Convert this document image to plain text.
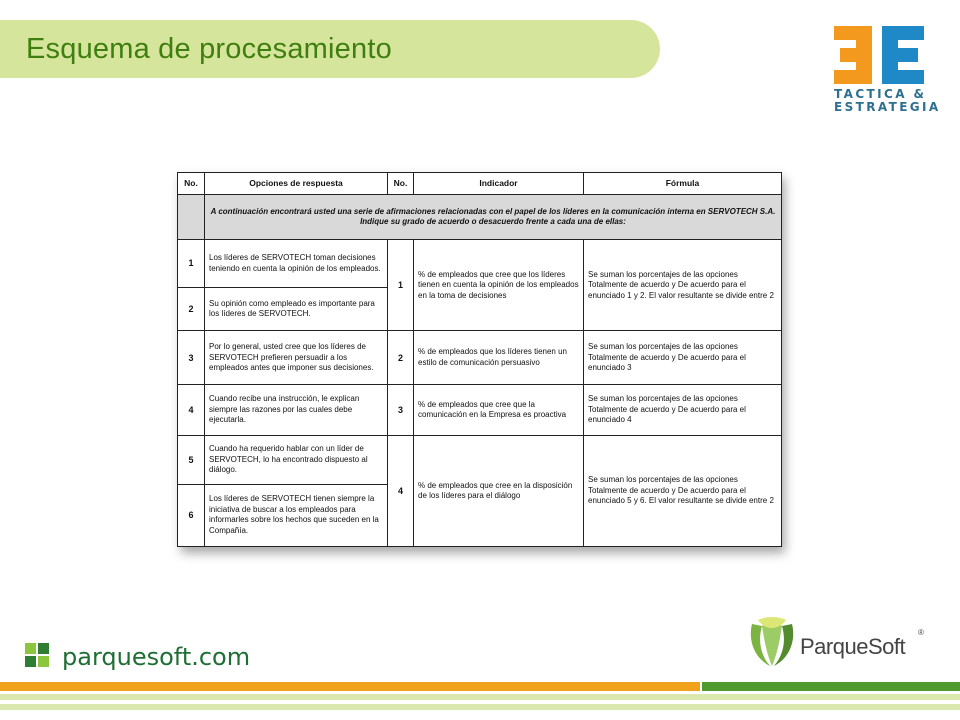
Esquema de procesamiento
TACTICA &
ESTRATEGIA
No.	Opciones de respuesta	No.	Indicador	Fórmula
	A continuación encontrará usted una serie de afirmaciones relacionadas con el papel de los líderes en la comunicación interna en SERVOTECH S.A. Indique su grado de acuerdo o desacuerdo frente a cada una de ellas:			
1	Los líderes de SERVOTECH toman decisiones teniendo en cuenta la opinión de los empleados.	1	% de empleados que cree que los líderes tienen en cuenta la opinión de los empleados en la toma de decisiones	Se suman los porcentajes de las opciones Totalmente de acuerdo y De acuerdo para el enunciado 1 y 2. El valor resultante se divide entre 2
2	Su opinión como empleado es importante para los líderes de SERVOTECH.			
3	Por lo general, usted cree que los líderes de SERVOTECH prefieren persuadir a los empleados antes que imponer sus decisiones.	2	% de empleados que los líderes tienen un estilo de comunicación persuasivo	Se suman los porcentajes de las opciones Totalmente de acuerdo y De acuerdo para el enunciado 3
4	Cuando recibe una instrucción, le explican siempre las razones por las cuales debe ejecutarla.	3	% de empleados que cree que la comunicación en la Empresa es proactiva	Se suman los porcentajes de las opciones Totalmente de acuerdo y De acuerdo para el enunciado 4
5	Cuando ha requerido hablar con un líder de SERVOTECH, lo ha encontrado dispuesto al diálogo.	4	% de empleados que cree en la disposición de los líderes para el diálogo	Se suman los porcentajes de las opciones Totalmente de acuerdo y De acuerdo para el enunciado 5 y 6. El valor resultante se divide entre 2
6	Los líderes de SERVOTECH tienen siempre la iniciativa de buscar a los empleados para informarles sobre los hechos que suceden en la Compañía.			
parquesoft.com	ParqueSoft
®
